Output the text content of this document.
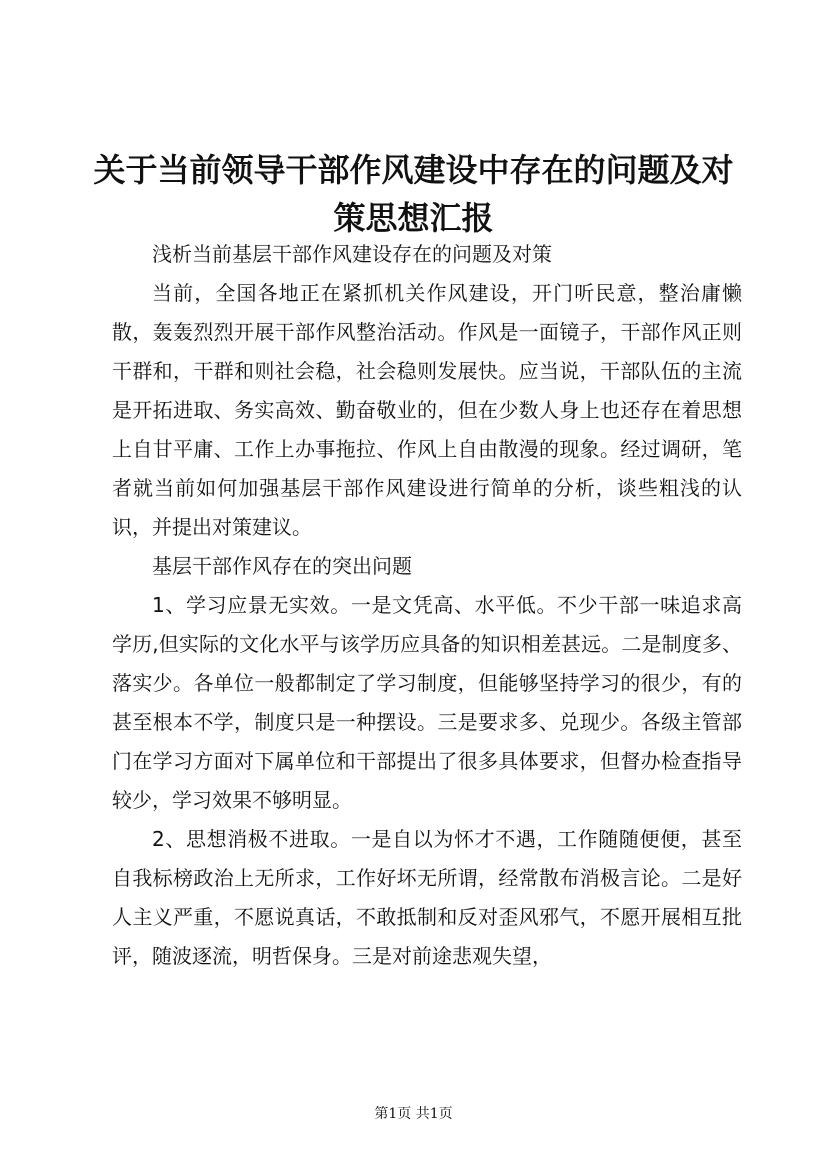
关于当前领导干部作风建设中存在的问题及对策思想汇报

浅析当前基层干部作风建设存在的问题及对策

当前，全国各地正在紧抓机关作风建设，开门听民意，整治庸懒散，轰轰烈烈开展干部作风整治活动。作风是一面镜子，干部作风正则干群和，干群和则社会稳，社会稳则发展快。应当说，干部队伍的主流是开拓进取、务实高效、勤奋敬业的，但在少数人身上也还存在着思想上自甘平庸、工作上办事拖拉、作风上自由散漫的现象。经过调研，笔者就当前如何加强基层干部作风建设进行简单的分析，谈些粗浅的认识，并提出对策建议。

基层干部作风存在的突出问题

1、学习应景无实效。一是文凭高、水平低。不少干部一味追求高学历,但实际的文化水平与该学历应具备的知识相差甚远。二是制度多、落实少。各单位一般都制定了学习制度，但能够坚持学习的很少，有的甚至根本不学，制度只是一种摆设。三是要求多、兑现少。各级主管部门在学习方面对下属单位和干部提出了很多具体要求，但督办检查指导较少，学习效果不够明显。

2、思想消极不进取。一是自以为怀才不遇，工作随随便便，甚至自我标榜政治上无所求，工作好坏无所谓，经常散布消极言论。二是好人主义严重，不愿说真话，不敢抵制和反对歪风邪气，不愿开展相互批评，随波逐流，明哲保身。三是对前途悲观失望，

第1页 共1页
